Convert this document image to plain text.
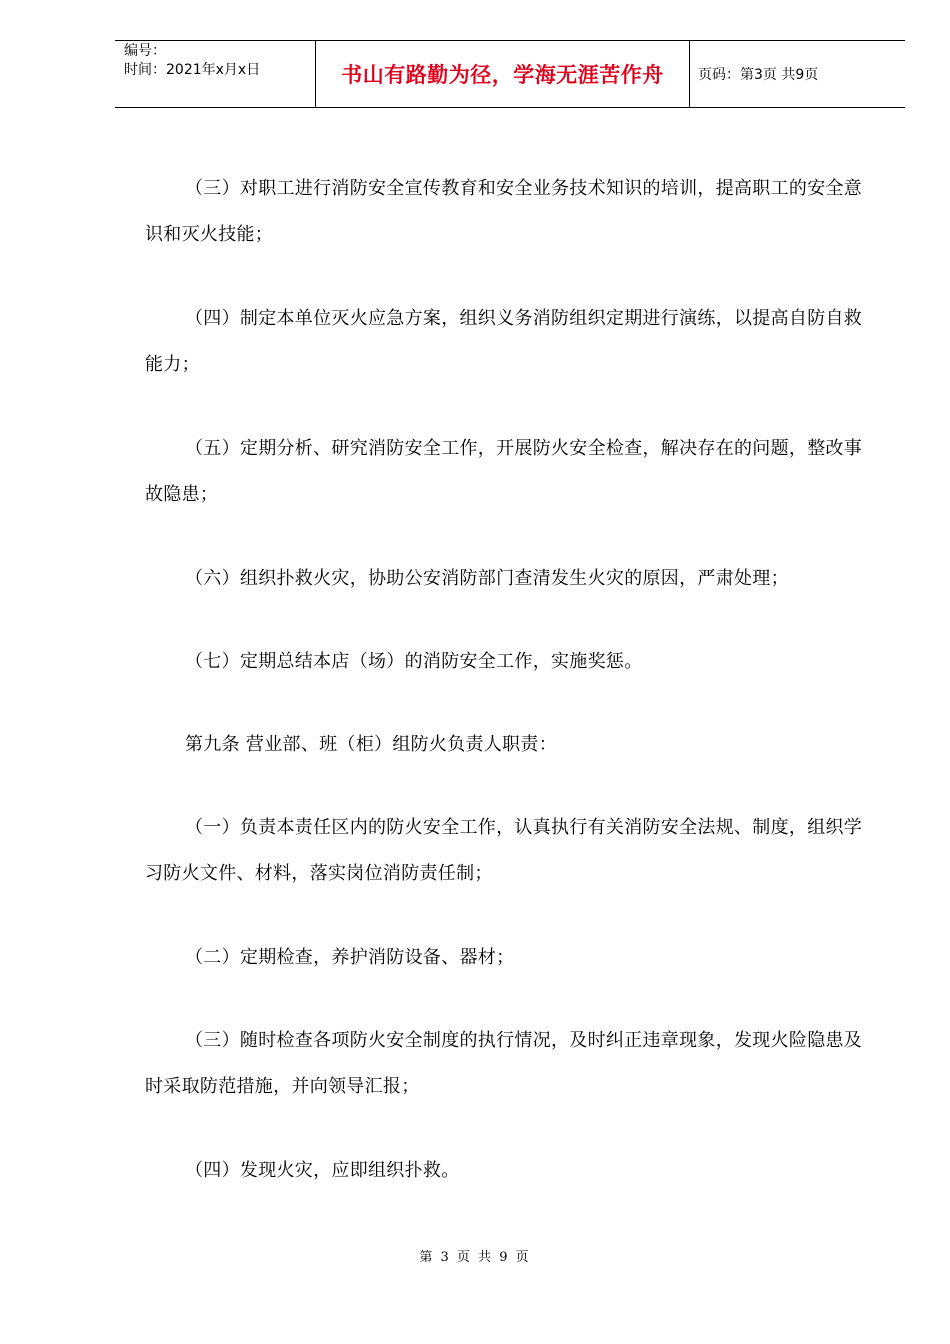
编号：
时间：2021年x月x日	书山有路勤为径，学海无涯苦作舟	页码：第3页 共9页

（三）对职工进行消防安全宣传教育和安全业务技术知识的培训，提高职工的安全意识和灭火技能；

（四）制定本单位灭火应急方案，组织义务消防组织定期进行演练，以提高自防自救能力；

（五）定期分析、研究消防安全工作，开展防火安全检查，解决存在的问题，整改事故隐患；

（六）组织扑救火灾，协助公安消防部门查清发生火灾的原因，严肃处理；

（七）定期总结本店（场）的消防安全工作，实施奖惩。

第九条 营业部、班（柜）组防火负责人职责：

（一）负责本责任区内的防火安全工作，认真执行有关消防安全法规、制度，组织学习防火文件、材料，落实岗位消防责任制；

（二）定期检查，养护消防设备、器材；

（三）随时检查各项防火安全制度的执行情况，及时纠正违章现象，发现火险隐患及时采取防范措施，并向领导汇报；

（四）发现火灾，应即组织扑救。

第 3 页 共 9 页
